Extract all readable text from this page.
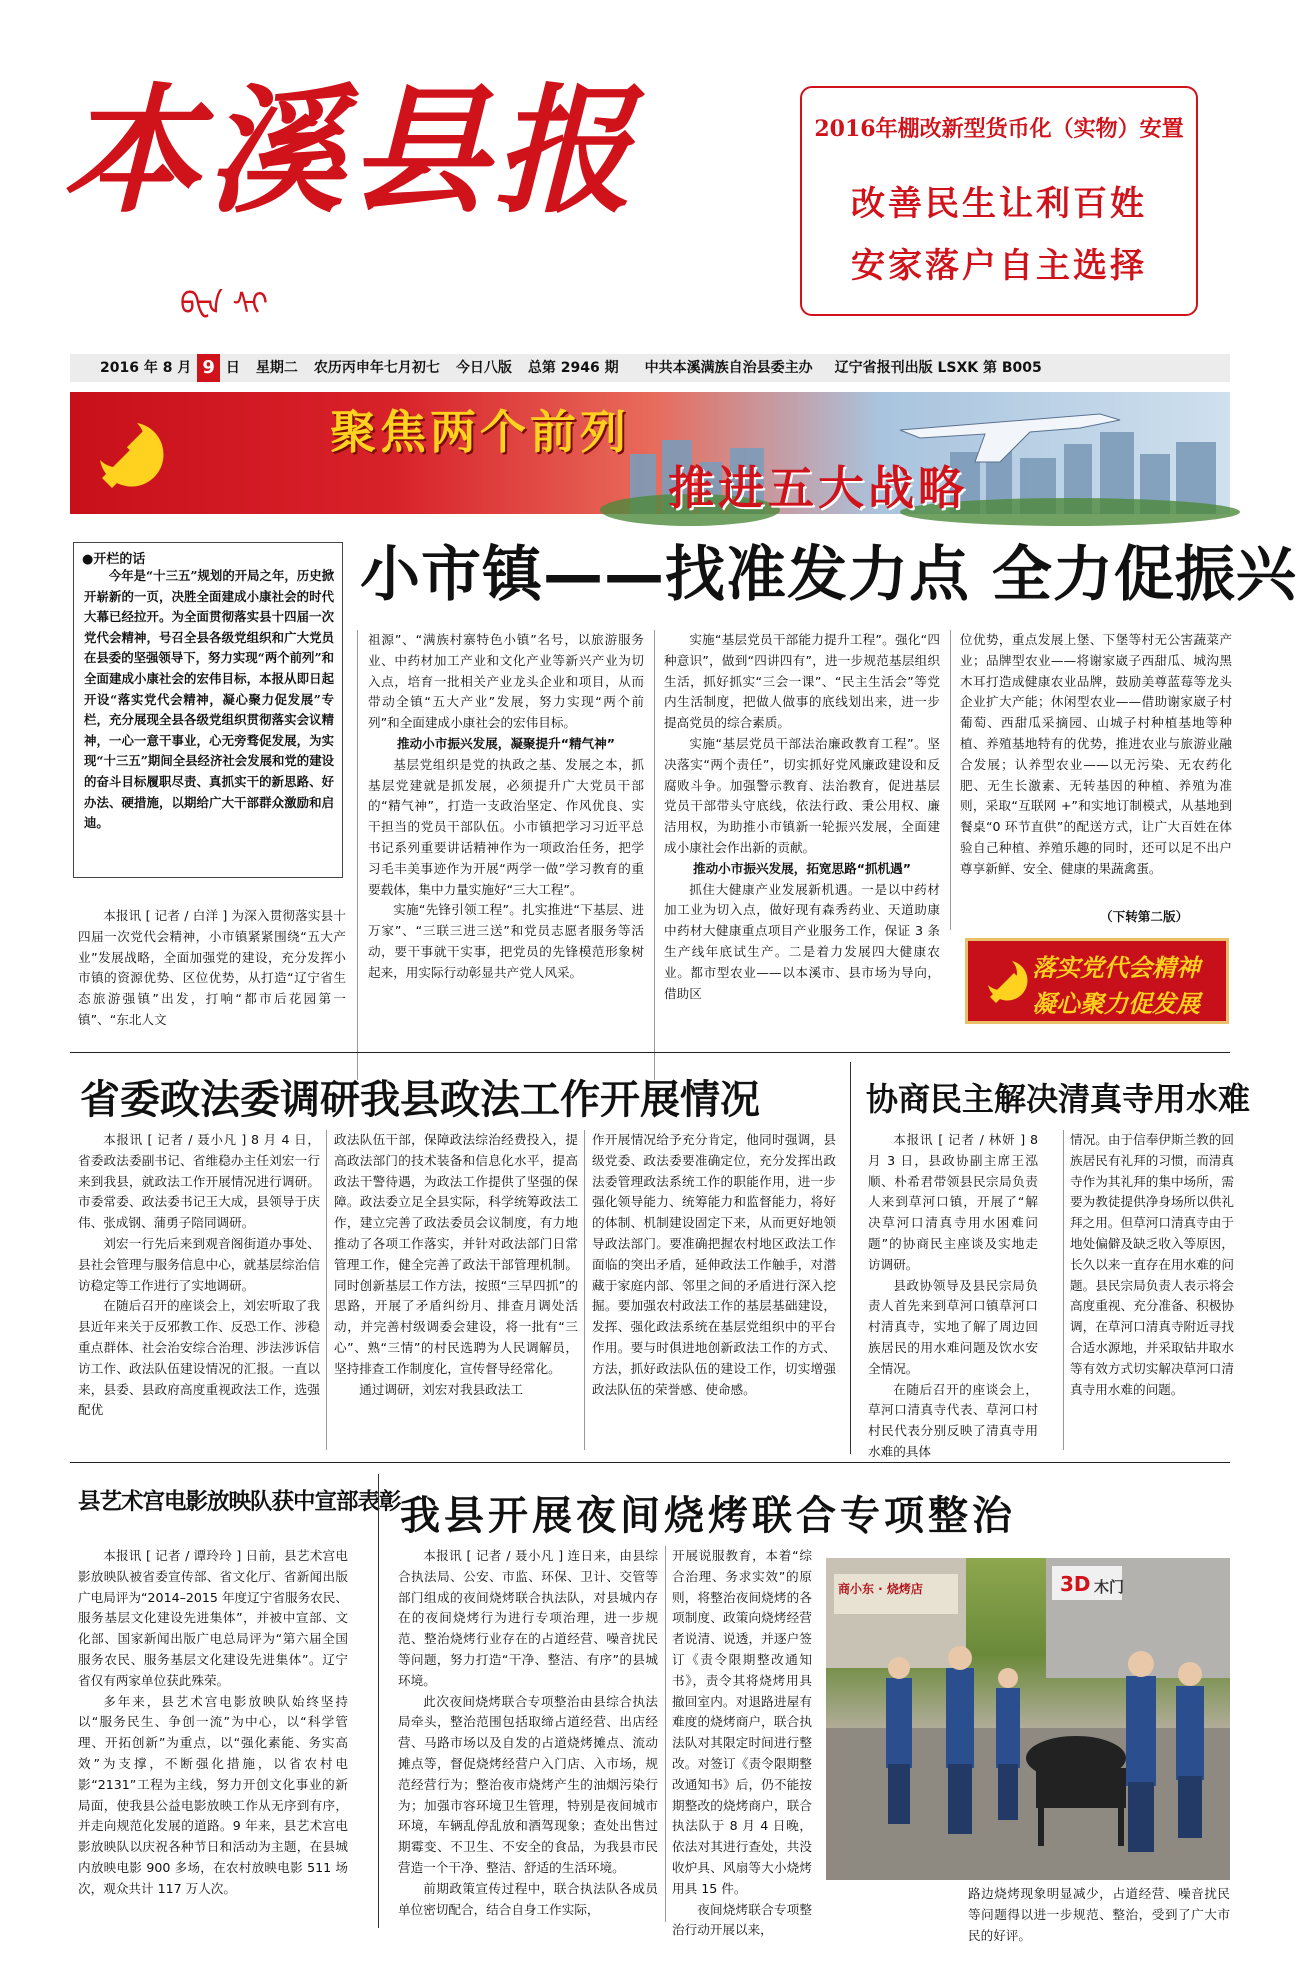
本溪县报
ᠪᠧᠨ ᠰᠢ
2016年棚改新型货币化（实物）安置
改善民生让利百姓
安家落户自主选择
2016 年 8 月 9 日 星期二 农历丙申年七月初七 今日八版 总第 2946 期 中共本溪满族自治县委主办 辽宁省报刊出版 LSXK 第 B005
聚焦两个前列
推进五大战略
●开栏的话
今年是“十三五”规划的开局之年，历史掀开崭新的一页，决胜全面建成小康社会的时代大幕已经拉开。为全面贯彻落实县十四届一次党代会精神，号召全县各级党组织和广大党员在县委的坚强领导下，努力实现“两个前列”和全面建成小康社会的宏伟目标，本报从即日起开设“落实党代会精神，凝心聚力促发展”专栏，充分展现全县各级党组织贯彻落实会议精神，一心一意干事业，心无旁骛促发展，为实现“十三五”期间全县经济社会发展和党的建设的奋斗目标履职尽责、真抓实干的新思路、好办法、硬措施，以期给广大干部群众激励和启迪。
小市镇——找准发力点 全力促振兴

本报讯 [ 记者 / 白洋 ] 为深入贯彻落实县十四届一次党代会精神，小市镇紧紧围绕“五大产业”发展战略，全面加强党的建设，充分发挥小市镇的资源优势、区位优势，从打造“辽宁省生态旅游强镇”出发，打响“都市后花园第一镇”、“东北人文

祖源”、“满族村寨特色小镇”名号，以旅游服务业、中药材加工产业和文化产业等新兴产业为切入点，培育一批相关产业龙头企业和项目，从而带动全镇“五大产业”发展，努力实现“两个前列”和全面建成小康社会的宏伟目标。

推动小市振兴发展，凝聚提升“精气神”

基层党组织是党的执政之基、发展之本，抓基层党建就是抓发展，必须提升广大党员干部的“精气神”，打造一支政治坚定、作风优良、实干担当的党员干部队伍。小市镇把学习习近平总书记系列重要讲话精神作为一项政治任务，把学习毛丰美事迹作为开展“两学一做”学习教育的重要载体，集中力量实施好“三大工程”。

实施“先锋引领工程”。扎实推进“下基层、进万家”、“三联三进三送”和党员志愿者服务等活动，要干事就干实事，把党员的先锋模范形象树起来，用实际行动彰显共产党人风采。

实施“基层党员干部能力提升工程”。强化“四种意识”，做到“四讲四有”，进一步规范基层组织生活，抓好抓实“三会一课”、“民主生活会”等党内生活制度，把做人做事的底线划出来，进一步提高党员的综合素质。

实施“基层党员干部法治廉政教育工程”。坚决落实“两个责任”，切实抓好党风廉政建设和反腐败斗争。加强警示教育、法治教育，促进基层党员干部带头守底线，依法行政、秉公用权、廉洁用权，为助推小市镇新一轮振兴发展，全面建成小康社会作出新的贡献。

推动小市振兴发展，拓宽思路“抓机遇”

抓住大健康产业发展新机遇。一是以中药材加工业为切入点，做好现有森秀药业、天道助康中药材大健康重点项目产业服务工作，保证 3 条生产线年底试生产。二是着力发展四大健康农业。都市型农业——以本溪市、县市场为导向，借助区

位优势，重点发展上堡、下堡等村无公害蔬菜产业；品牌型农业——将谢家崴子西甜瓜、城沟黑木耳打造成健康农业品牌，鼓励美尊蓝莓等龙头企业扩大产能；休闲型农业——借助谢家崴子村葡萄、西甜瓜采摘园、山城子村种植基地等种植、养殖基地特有的优势，推进农业与旅游业融合发展；认养型农业——以无污染、无农药化肥、无生长激素、无转基因的种植、养殖为准则，采取“互联网 +”和实地订制模式，从基地到餐桌“0 环节直供”的配送方式，让广大百姓在体验自己种植、养殖乐趣的同时，还可以足不出户尊享新鲜、安全、健康的果蔬禽蛋。

（下转第二版）
落实党代会精神
凝心聚力促发展
省委政法委调研我县政法工作开展情况

本报讯 [ 记者 / 聂小凡 ] 8 月 4 日，省委政法委副书记、省维稳办主任刘宏一行来到我县，就政法工作开展情况进行调研。市委常委、政法委书记王大成，县领导于庆伟、张成钢、蒲勇子陪同调研。

刘宏一行先后来到观音阁街道办事处、县社会管理与服务信息中心，就基层综治信访稳定等工作进行了实地调研。

在随后召开的座谈会上，刘宏听取了我县近年来关于反邪教工作、反恐工作、涉稳重点群体、社会治安综合治理、涉法涉诉信访工作、政法队伍建设情况的汇报。一直以来，县委、县政府高度重视政法工作，选强配优

政法队伍干部，保障政法综治经费投入，提高政法部门的技术装备和信息化水平，提高政法干警待遇，为政法工作提供了坚强的保障。政法委立足全县实际，科学统筹政法工作，建立完善了政法委员会议制度，有力地推动了各项工作落实，并针对政法部门日常管理工作，健全完善了政法干部管理机制。同时创新基层工作方法，按照“三早四抓”的思路，开展了矛盾纠纷月、排查月调处活动，并完善村级调委会建设，将一批有“三心”、熟“三情”的村民选聘为人民调解员，坚持排查工作制度化，宣传督导经常化。

通过调研，刘宏对我县政法工

作开展情况给予充分肯定，他同时强调，县级党委、政法委要准确定位，充分发挥出政法委管理政法系统工作的职能作用，进一步强化领导能力、统筹能力和监督能力，将好的体制、机制建设固定下来，从而更好地领导政法部门。要准确把握农村地区政法工作面临的突出矛盾，延伸政法工作触手，对潜藏于家庭内部、邻里之间的矛盾进行深入挖掘。要加强农村政法工作的基层基础建设，发挥、强化政法系统在基层党组织中的平台作用。要与时俱进地创新政法工作的方式、方法，抓好政法队伍的建设工作，切实增强政法队伍的荣誉感、使命感。

协商民主解决清真寺用水难

本报讯 [ 记者 / 林妍 ] 8 月 3 日，县政协副主席王泓顺、朴希君带领县民宗局负责人来到草河口镇，开展了“解决草河口清真寺用水困难问题”的协商民主座谈及实地走访调研。

县政协领导及县民宗局负责人首先来到草河口镇草河口村清真寺，实地了解了周边回族居民的用水难问题及饮水安全情况。

在随后召开的座谈会上，草河口清真寺代表、草河口村村民代表分别反映了清真寺用水难的具体

情况。由于信奉伊斯兰教的回族居民有礼拜的习惯，而清真寺作为其礼拜的集中场所，需要为教徒提供净身场所以供礼拜之用。但草河口清真寺由于地处偏僻及缺乏收入等原因，长久以来一直存在用水难的问题。县民宗局负责人表示将会高度重视、充分准备、积极协调，在草河口清真寺附近寻找合适水源地，并采取钻井取水等有效方式切实解决草河口清真寺用水难的问题。

县艺术宫电影放映队获中宣部表彰

本报讯 [ 记者 / 谭玲玲 ] 日前，县艺术宫电影放映队被省委宣传部、省文化厅、省新闻出版广电局评为“2014–2015 年度辽宁省服务农民、服务基层文化建设先进集体”，并被中宣部、文化部、国家新闻出版广电总局评为“第六届全国服务农民、服务基层文化建设先进集体”。辽宁省仅有两家单位获此殊荣。

多年来，县艺术宫电影放映队始终坚持以“服务民生、争创一流”为中心，以“科学管理、开拓创新”为重点，以“强化素能、务实高效”为支撑，不断强化措施，以省农村电影“2131”工程为主线，努力开创文化事业的新局面，使我县公益电影放映工作从无序到有序，并走向规范化发展的道路。9 年来，县艺术宫电影放映队以庆祝各种节日和活动为主题，在县城内放映电影 900 多场，在农村放映电影 511 场次，观众共计 117 万人次。

我县开展夜间烧烤联合专项整治

本报讯 [ 记者 / 聂小凡 ] 连日来，由县综合执法局、公安、市监、环保、卫计、交管等部门组成的夜间烧烤联合执法队，对县城内存在的夜间烧烤行为进行专项治理，进一步规范、整治烧烤行业存在的占道经营、噪音扰民等问题，努力打造“干净、整洁、有序”的县城环境。

此次夜间烧烤联合专项整治由县综合执法局牵头，整治范围包括取缔占道经营、出店经营、马路市场以及自发的占道烧烤摊点、流动摊点等，督促烧烤经营户入门店、入市场，规范经营行为；整治夜市烧烤产生的油烟污染行为；加强市容环境卫生管理，特别是夜间城市环境，车辆乱停乱放和酒驾现象；查处出售过期霉变、不卫生、不安全的食品，为我县市民营造一个干净、整洁、舒适的生活环境。

前期政策宣传过程中，联合执法队各成员单位密切配合，结合自身工作实际，

开展说服教育，本着“综合治理、务求实效”的原则，将整治夜间烧烤的各项制度、政策向烧烤经营者说清、说透，并逐户签订《责令限期整改通知书》，责令其将烧烤用具撤回室内。对退路进屋有难度的烧烤商户，联合执法队对其限定时间进行整改。对签订《责令限期整改通知书》后，仍不能按期整改的烧烤商户，联合执法队于 8 月 4 日晚，依法对其进行查处，共没收炉具、风扇等大小烧烤用具 15 件。

夜间烧烤联合专项整治行动开展以来，

3D 木门
商小东 · 烧烤店

路边烧烤现象明显减少，占道经营、噪音扰民等问题得以进一步规范、整治，受到了广大市民的好评。
